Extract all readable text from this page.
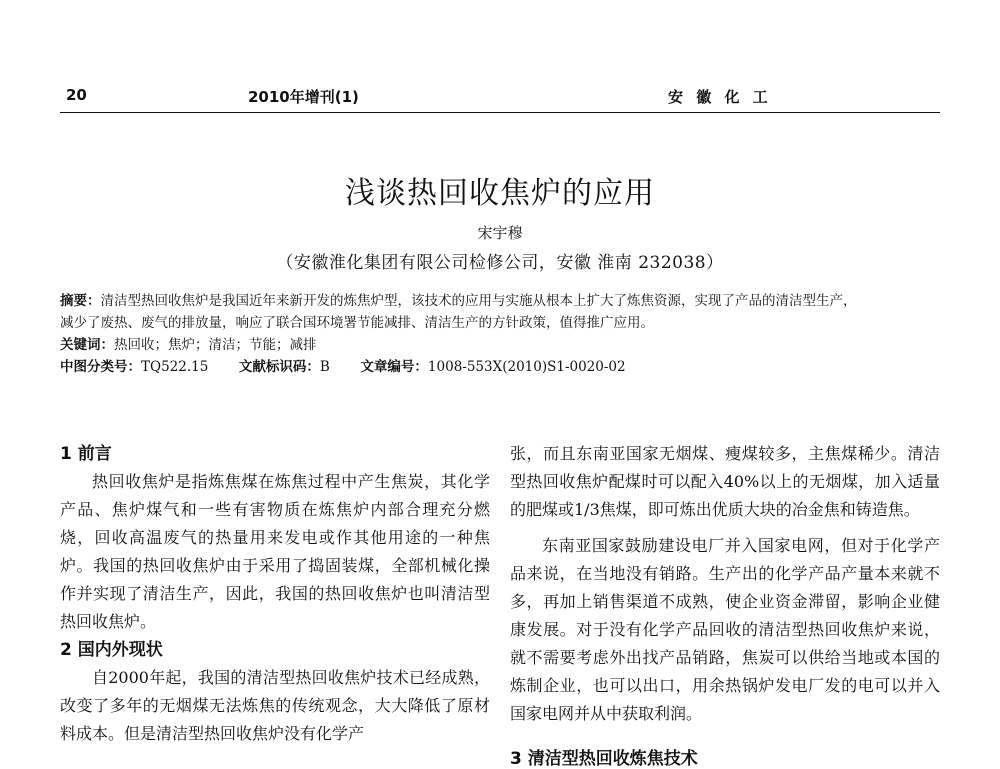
20	2010年增刊(1)	安 徽 化 工
浅谈热回收焦炉的应用
宋宇穆
（安徽淮化集团有限公司检修公司，安徽 淮南 232038）
摘要：清洁型热回收焦炉是我国近年来新开发的炼焦炉型，该技术的应用与实施从根本上扩大了炼焦资源，实现了产品的清洁型生产，
减少了废热、废气的排放量，响应了联合国环境署节能减排、清洁生产的方针政策，值得推广应用。
关键词：热回收；焦炉；清洁；节能；减排
中图分类号：TQ522.15 文献标识码：B 文章编号：1008-553X(2010)S1-0020-02
1 前言

热回收焦炉是指炼焦煤在炼焦过程中产生焦炭，其化学产品、焦炉煤气和一些有害物质在炼焦炉内部合理充分燃烧，回收高温废气的热量用来发电或作其他用途的一种焦炉。我国的热回收焦炉由于采用了捣固装煤，全部机械化操作并实现了清洁生产，因此，我国的热回收焦炉也叫清洁型热回收焦炉。

2 国内外现状

自2000年起，我国的清洁型热回收焦炉技术已经成熟，改变了多年的无烟煤无法炼焦的传统观念，大大降低了原材料成本。但是清洁型热回收焦炉没有化学产

张，而且东南亚国家无烟煤、瘦煤较多，主焦煤稀少。清洁型热回收焦炉配煤时可以配入40%以上的无烟煤，加入适量的肥煤或1/3焦煤，即可炼出优质大块的冶金焦和铸造焦。

东南亚国家鼓励建设电厂并入国家电网，但对于化学产品来说，在当地没有销路。生产出的化学产品产量本来就不多，再加上销售渠道不成熟，使企业资金滞留，影响企业健康发展。对于没有化学产品回收的清洁型热回收焦炉来说，就不需要考虑外出找产品销路，焦炭可以供给当地或本国的炼制企业，也可以出口，用余热锅炉发电厂发的电可以并入国家电网并从中获取利润。

3 清洁型热回收炼焦技术
